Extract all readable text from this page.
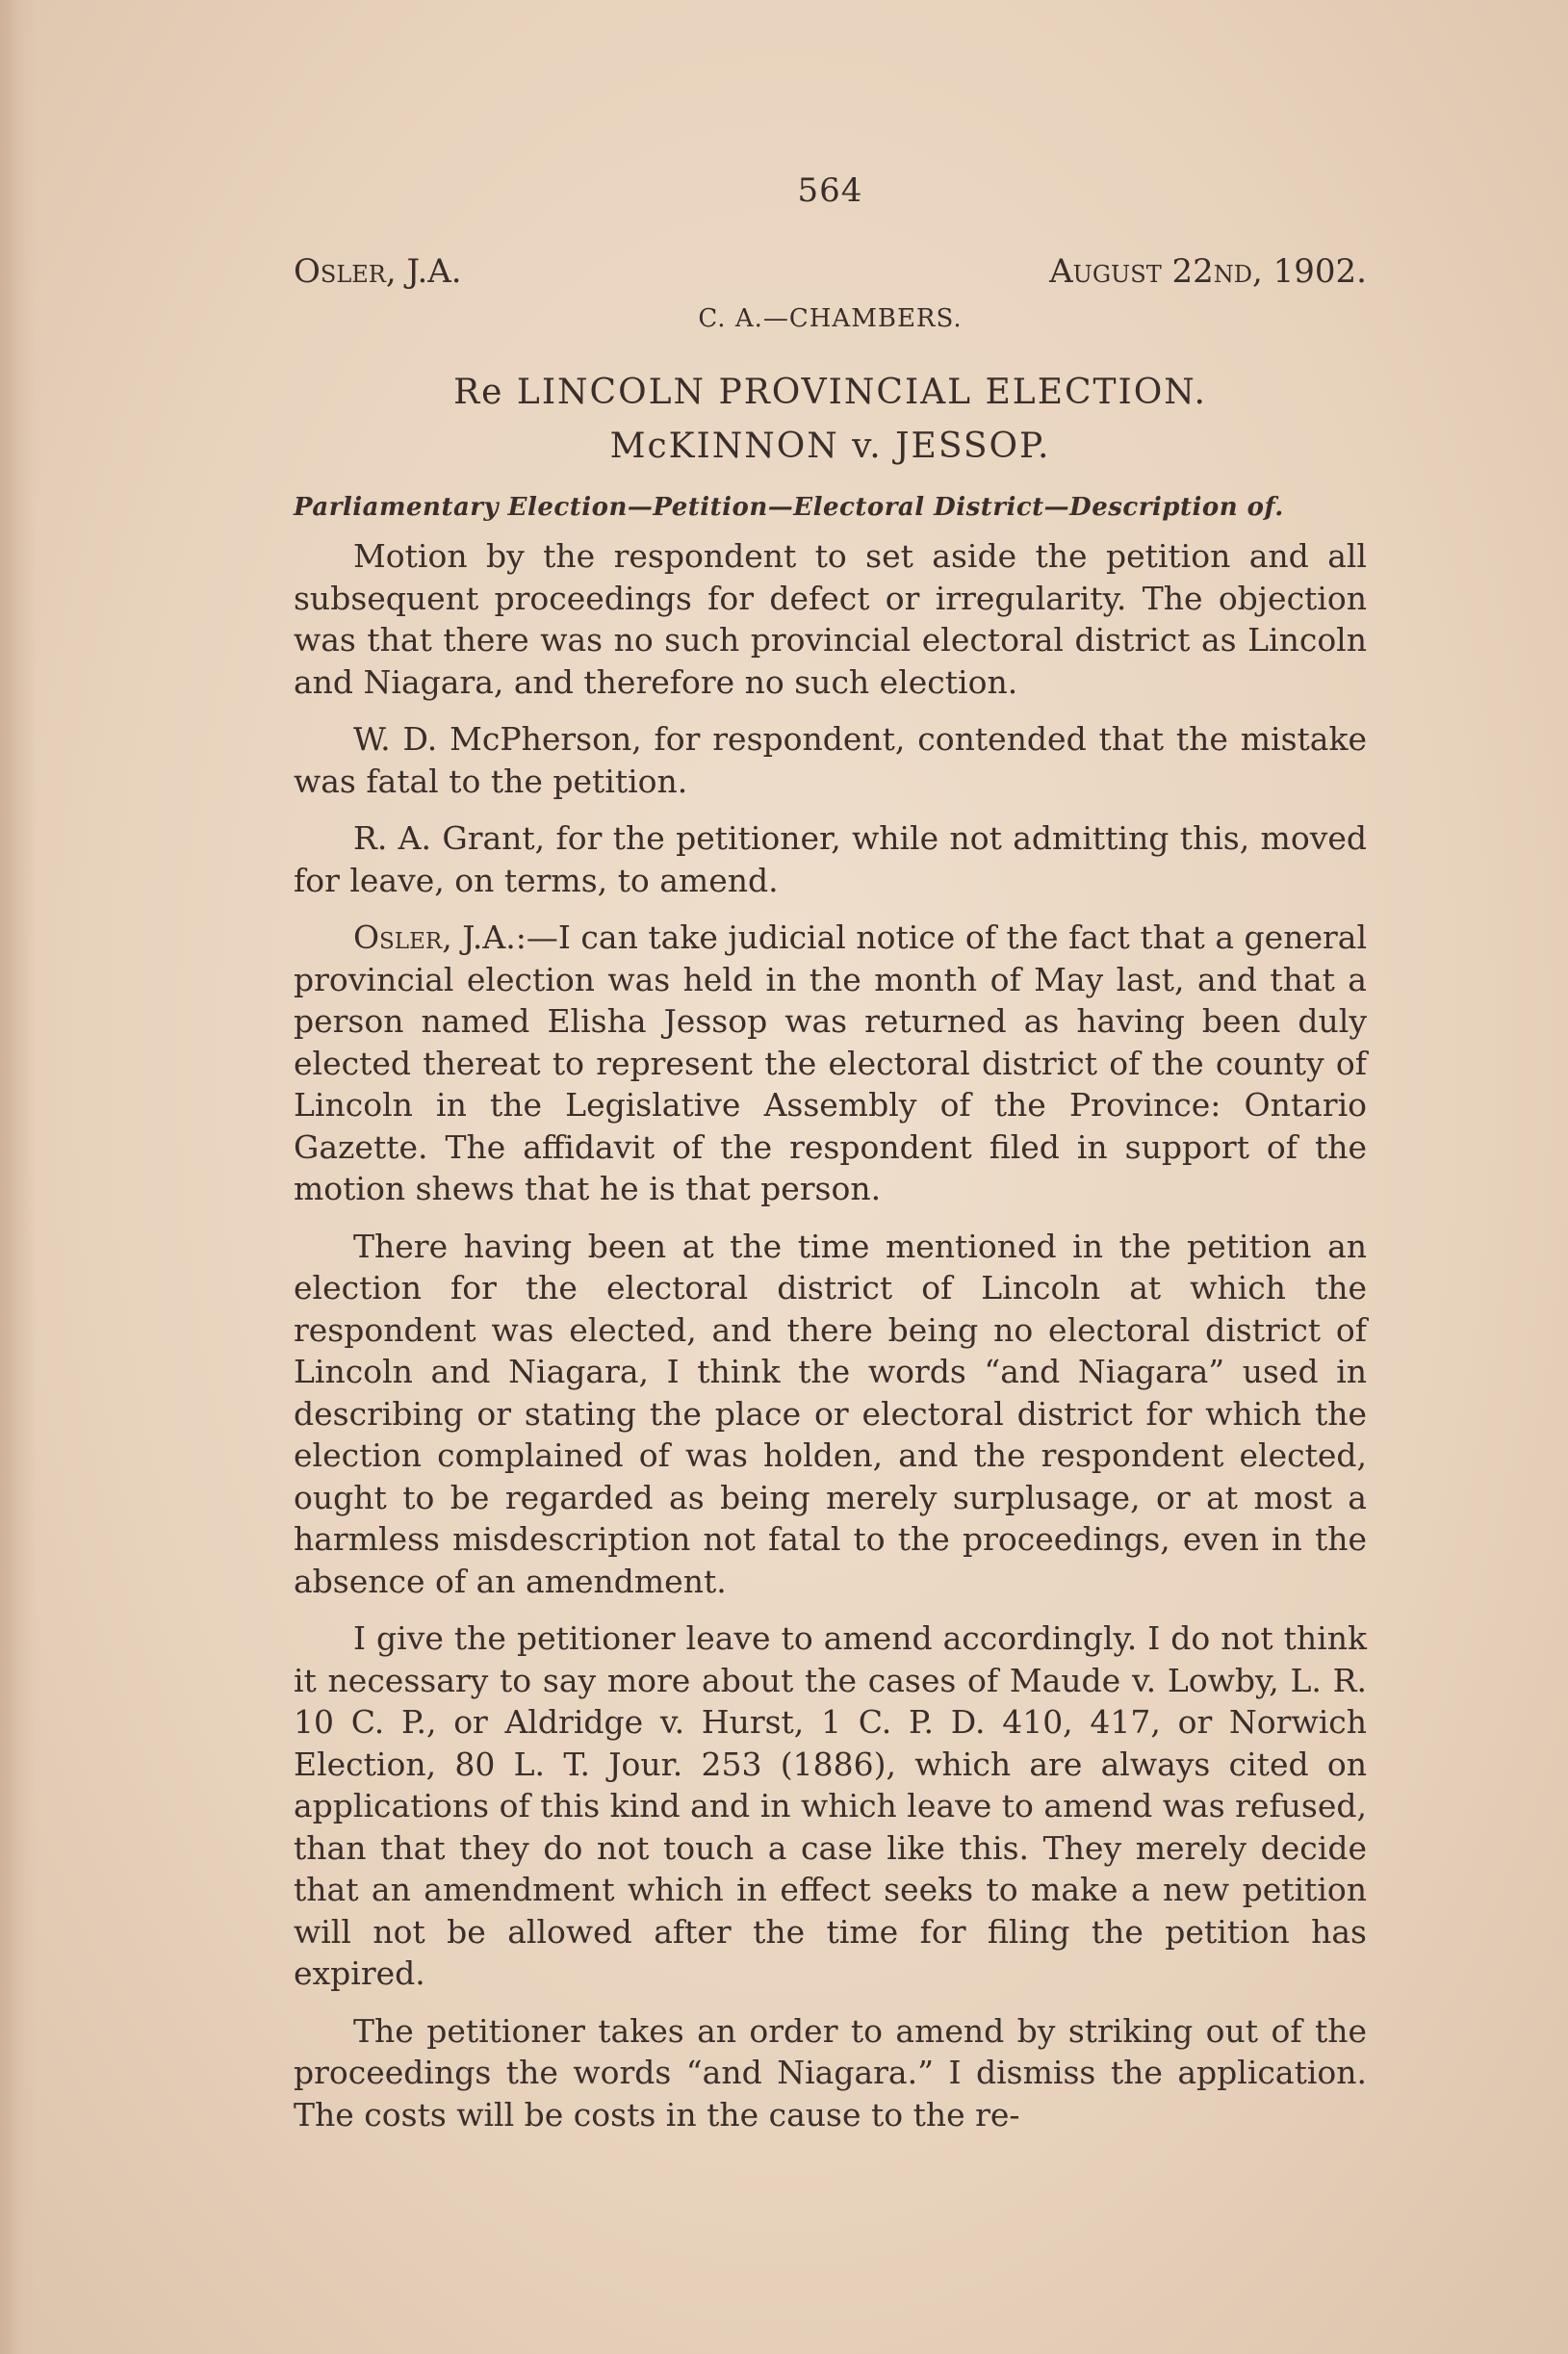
564
Osler, J.A.	August 22nd, 1902.
C. A.—CHAMBERS.
Re LINCOLN PROVINCIAL ELECTION.
McKINNON v. JESSOP.
Parliamentary Election—Petition—Electoral District—Description of.

Motion by the respondent to set aside the petition and all subsequent proceedings for defect or irregularity. The objection was that there was no such provincial electoral district as Lincoln and Niagara, and therefore no such election.

W. D. McPherson, for respondent, contended that the mistake was fatal to the petition.

R. A. Grant, for the petitioner, while not admitting this, moved for leave, on terms, to amend.

Osler, J.A.:—I can take judicial notice of the fact that a general provincial election was held in the month of May last, and that a person named Elisha Jessop was returned as having been duly elected thereat to represent the electoral district of the county of Lincoln in the Legislative Assembly of the Province: Ontario Gazette. The affidavit of the respondent filed in support of the motion shews that he is that person.

There having been at the time mentioned in the petition an election for the electoral district of Lincoln at which the respondent was elected, and there being no electoral district of Lincoln and Niagara, I think the words “and Niagara” used in describing or stating the place or electoral district for which the election complained of was holden, and the respondent elected, ought to be regarded as being merely surplusage, or at most a harmless misdescription not fatal to the proceedings, even in the absence of an amendment.

I give the petitioner leave to amend accordingly. I do not think it necessary to say more about the cases of Maude v. Lowby, L. R. 10 C. P., or Aldridge v. Hurst, 1 C. P. D. 410, 417, or Norwich Election, 80 L. T. Jour. 253 (1886), which are always cited on applications of this kind and in which leave to amend was refused, than that they do not touch a case like this. They merely decide that an amendment which in effect seeks to make a new petition will not be allowed after the time for filing the petition has expired.

The petitioner takes an order to amend by striking out of the proceedings the words “and Niagara.” I dismiss the application. The costs will be costs in the cause to the re-
